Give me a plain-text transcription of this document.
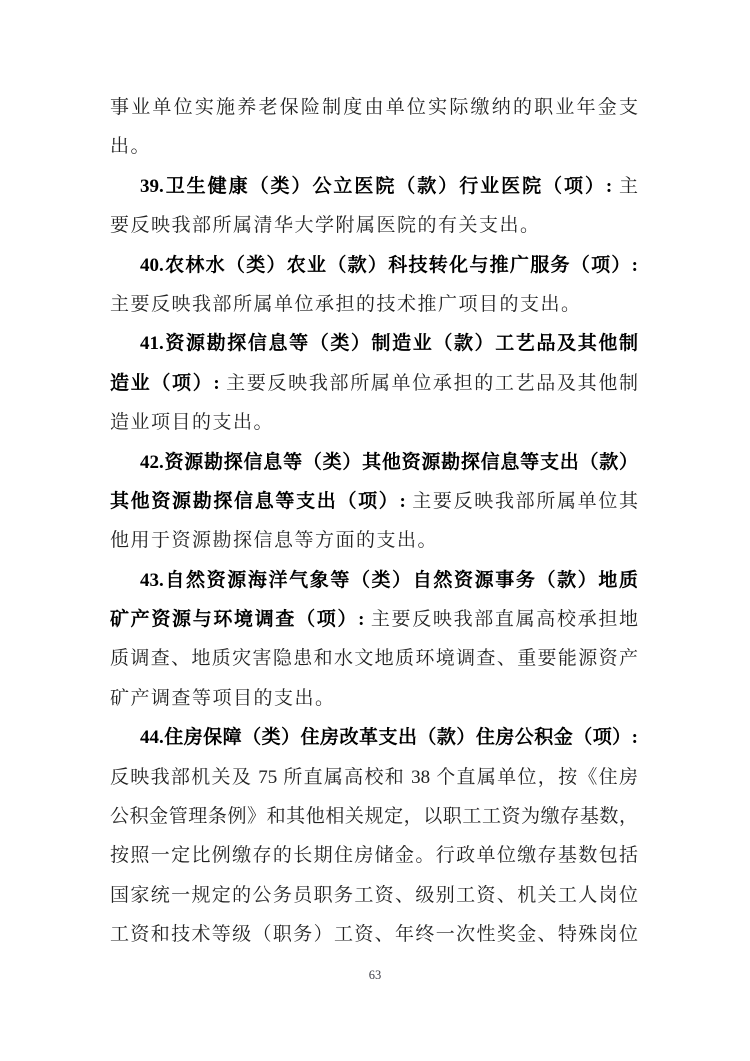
事业单位实施养老保险制度由单位实际缴纳的职业年金支
出。
39.卫生健康（类）公立医院（款）行业医院（项）: 主
要反映我部所属清华大学附属医院的有关支出。
40.农林水（类）农业（款）科技转化与推广服务（项）:
主要反映我部所属单位承担的技术推广项目的支出。
41.资源勘探信息等（类）制造业（款）工艺品及其他制
造业（项）: 主要反映我部所属单位承担的工艺品及其他制
造业项目的支出。
42.资源勘探信息等（类）其他资源勘探信息等支出（款）
其他资源勘探信息等支出（项）: 主要反映我部所属单位其
他用于资源勘探信息等方面的支出。
43.自然资源海洋气象等（类）自然资源事务（款）地质
矿产资源与环境调查（项）: 主要反映我部直属高校承担地
质调查、地质灾害隐患和水文地质环境调查、重要能源资产
矿产调查等项目的支出。
44.住房保障（类）住房改革支出（款）住房公积金（项）:
反映我部机关及 75 所直属高校和 38 个直属单位，按《住房
公积金管理条例》和其他相关规定，以职工工资为缴存基数，
按照一定比例缴存的长期住房储金。行政单位缴存基数包括
国家统一规定的公务员职务工资、级别工资、机关工人岗位
工资和技术等级（职务）工资、年终一次性奖金、特殊岗位
63
